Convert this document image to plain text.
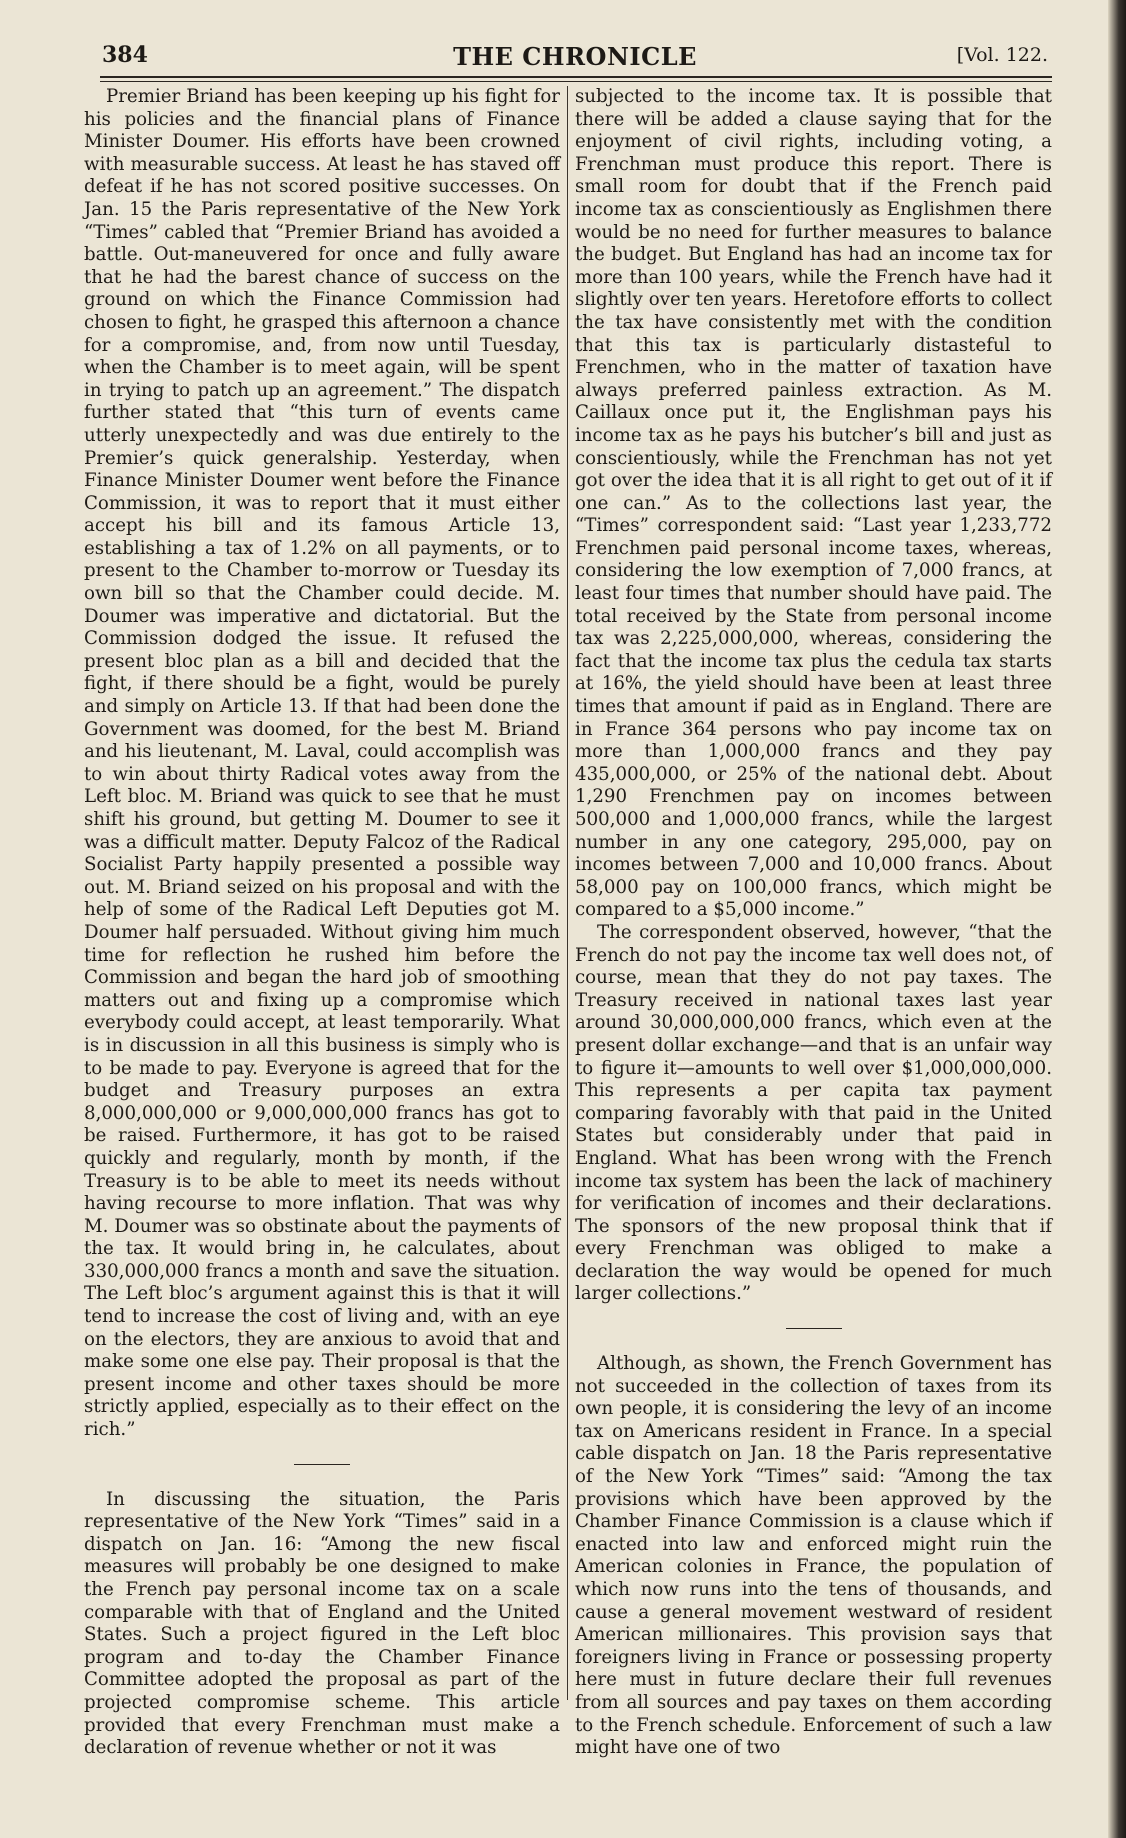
384	THE CHRONICLE	[Vol. 122.

Premier Briand has been keeping up his fight for his policies and the financial plans of Finance Minister Doumer. His efforts have been crowned with measurable success. At least he has staved off defeat if he has not scored positive successes. On Jan. 15 the Paris representative of the New York “Times” cabled that “Premier Briand has avoided a battle. Out-maneuvered for once and fully aware that he had the barest chance of success on the ground on which the Finance Commission had chosen to fight, he grasped this afternoon a chance for a compromise, and, from now until Tuesday, when the Chamber is to meet again, will be spent in trying to patch up an agreement.” The dispatch further stated that “this turn of events came utterly unexpectedly and was due entirely to the Premier’s quick generalship. Yesterday, when Finance Minister Doumer went before the Finance Commission, it was to report that it must either accept his bill and its famous Article 13, establishing a tax of 1.2% on all payments, or to present to the Chamber to-morrow or Tuesday its own bill so that the Chamber could decide. M. Doumer was imperative and dictatorial. But the Commission dodged the issue. It refused the present bloc plan as a bill and decided that the fight, if there should be a fight, would be purely and simply on Article 13. If that had been done the Government was doomed, for the best M. Briand and his lieutenant, M. Laval, could accomplish was to win about thirty Radical votes away from the Left bloc. M. Briand was quick to see that he must shift his ground, but getting M. Doumer to see it was a difficult matter. Deputy Falcoz of the Radical Socialist Party happily presented a possible way out. M. Briand seized on his proposal and with the help of some of the Radical Left Deputies got M. Doumer half persuaded. Without giving him much time for reflection he rushed him before the Commission and began the hard job of smoothing matters out and fixing up a compromise which everybody could accept, at least temporarily. What is in discussion in all this business is simply who is to be made to pay. Everyone is agreed that for the budget and Treasury purposes an extra 8,000,000,000 or 9,000,000,000 francs has got to be raised. Furthermore, it has got to be raised quickly and regularly, month by month, if the Treasury is to be able to meet its needs without having recourse to more inflation. That was why M. Doumer was so obstinate about the payments of the tax. It would bring in, he calculates, about 330,000,000 francs a month and save the situation. The Left bloc’s argument against this is that it will tend to increase the cost of living and, with an eye on the electors, they are anxious to avoid that and make some one else pay. Their proposal is that the present income and other taxes should be more strictly applied, especially as to their effect on the rich.”

In discussing the situation, the Paris representative of the New York “Times” said in a dispatch on Jan. 16: “Among the new fiscal measures will probably be one designed to make the French pay personal income tax on a scale comparable with that of England and the United States. Such a project figured in the Left bloc program and to-day the Chamber Finance Committee adopted the proposal as part of the projected compromise scheme. This article provided that every Frenchman must make a declaration of revenue whether or not it was

subjected to the income tax. It is possible that there will be added a clause saying that for the enjoyment of civil rights, including voting, a Frenchman must produce this report. There is small room for doubt that if the French paid income tax as conscientiously as Englishmen there would be no need for further measures to balance the budget. But England has had an income tax for more than 100 years, while the French have had it slightly over ten years. Heretofore efforts to collect the tax have consistently met with the condition that this tax is particularly distasteful to Frenchmen, who in the matter of taxation have always preferred painless extraction. As M. Caillaux once put it, the Englishman pays his income tax as he pays his butcher’s bill and just as conscientiously, while the Frenchman has not yet got over the idea that it is all right to get out of it if one can.” As to the collections last year, the “Times” correspondent said: “Last year 1,233,772 Frenchmen paid personal income taxes, whereas, considering the low exemption of 7,000 francs, at least four times that number should have paid. The total received by the State from personal income tax was 2,225,000,000, whereas, considering the fact that the income tax plus the cedula tax starts at 16%, the yield should have been at least three times that amount if paid as in England. There are in France 364 persons who pay income tax on more than 1,000,000 francs and they pay 435,000,000, or 25% of the national debt. About 1,290 Frenchmen pay on incomes between 500,000 and 1,000,000 francs, while the largest number in any one category, 295,000, pay on incomes between 7,000 and 10,000 francs. About 58,000 pay on 100,000 francs, which might be compared to a $5,000 income.”

The correspondent observed, however, “that the French do not pay the income tax well does not, of course, mean that they do not pay taxes. The Treasury received in national taxes last year around 30,000,000,000 francs, which even at the present dollar exchange—and that is an unfair way to figure it—amounts to well over $1,000,000,000. This represents a per capita tax payment comparing favorably with that paid in the United States but considerably under that paid in England. What has been wrong with the French income tax system has been the lack of machinery for verification of incomes and their declarations. The sponsors of the new proposal think that if every Frenchman was obliged to make a declaration the way would be opened for much larger collections.”

Although, as shown, the French Government has not succeeded in the collection of taxes from its own people, it is considering the levy of an income tax on Americans resident in France. In a special cable dispatch on Jan. 18 the Paris representative of the New York “Times” said: “Among the tax provisions which have been approved by the Chamber Finance Commission is a clause which if enacted into law and enforced might ruin the American colonies in France, the population of which now runs into the tens of thousands, and cause a general movement westward of resident American millionaires. This provision says that foreigners living in France or possessing property here must in future declare their full revenues from all sources and pay taxes on them according to the French schedule. Enforcement of such a law might have one of two
